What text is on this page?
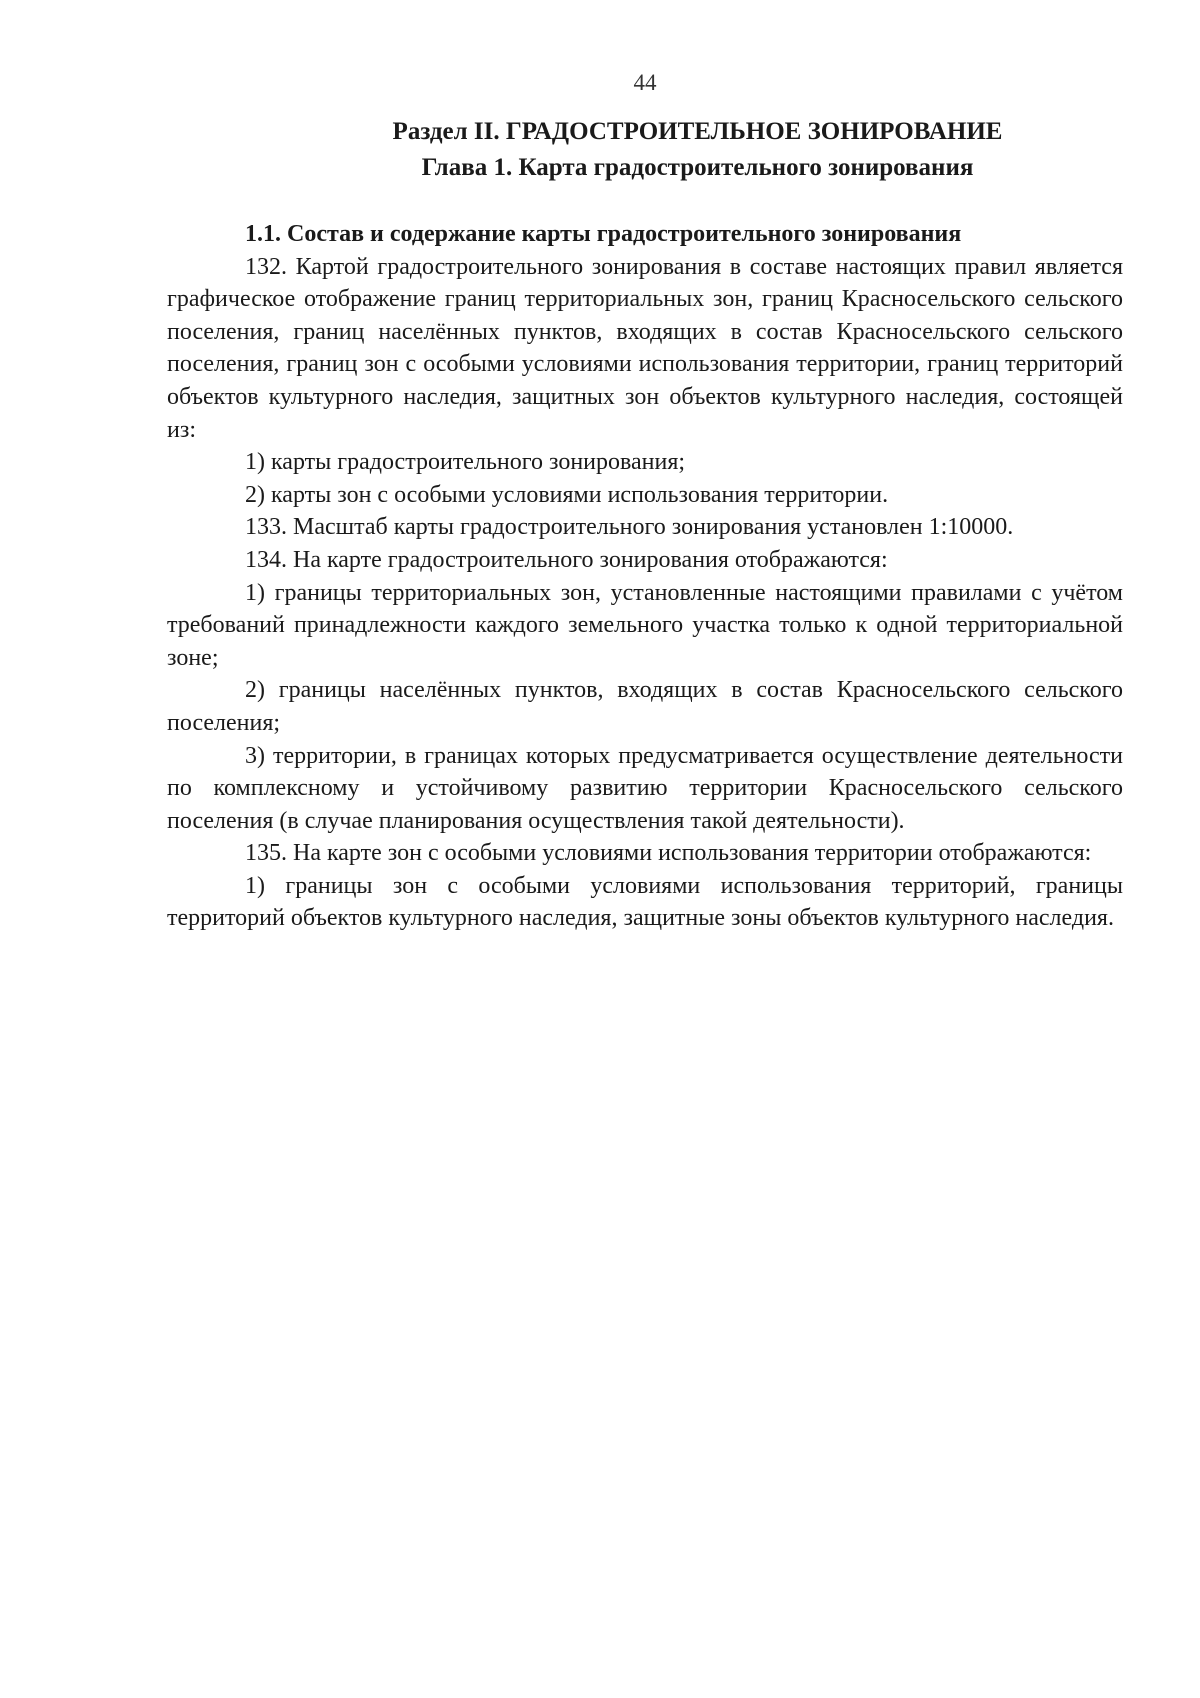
44
Раздел II. ГРАДОСТРОИТЕЛЬНОЕ ЗОНИРОВАНИЕ
Глава 1. Карта градостроительного зонирования
1.1. Состав и содержание карты градостроительного зонирования

132. Картой градостроительного зонирования в составе настоящих правил является графическое отображение границ территориальных зон, границ Красносельского сельского поселения, границ населённых пунктов, входящих в состав Красносельского сельского поселения, границ зон с особыми условиями использования территории, границ территорий объектов культурного наследия, защитных зон объектов культурного наследия, состоящей из:

1) карты градостроительного зонирования;

2) карты зон с особыми условиями использования территории.

133. Масштаб карты градостроительного зонирования установлен 1:10000.

134. На карте градостроительного зонирования отображаются:

1) границы территориальных зон, установленные настоящими правилами с учётом требований принадлежности каждого земельного участка только к одной территориальной зоне;

2) границы населённых пунктов, входящих в состав Красносельского сельского поселения;

3) территории, в границах которых предусматривается осуществление деятельности по комплексному и устойчивому развитию территории Красносельского сельского поселения (в случае планирования осуществления такой деятельности).

135. На карте зон с особыми условиями использования территории отображаются:

1) границы зон с особыми условиями использования территорий, границы территорий объектов культурного наследия, защитные зоны объектов культурного наследия.
